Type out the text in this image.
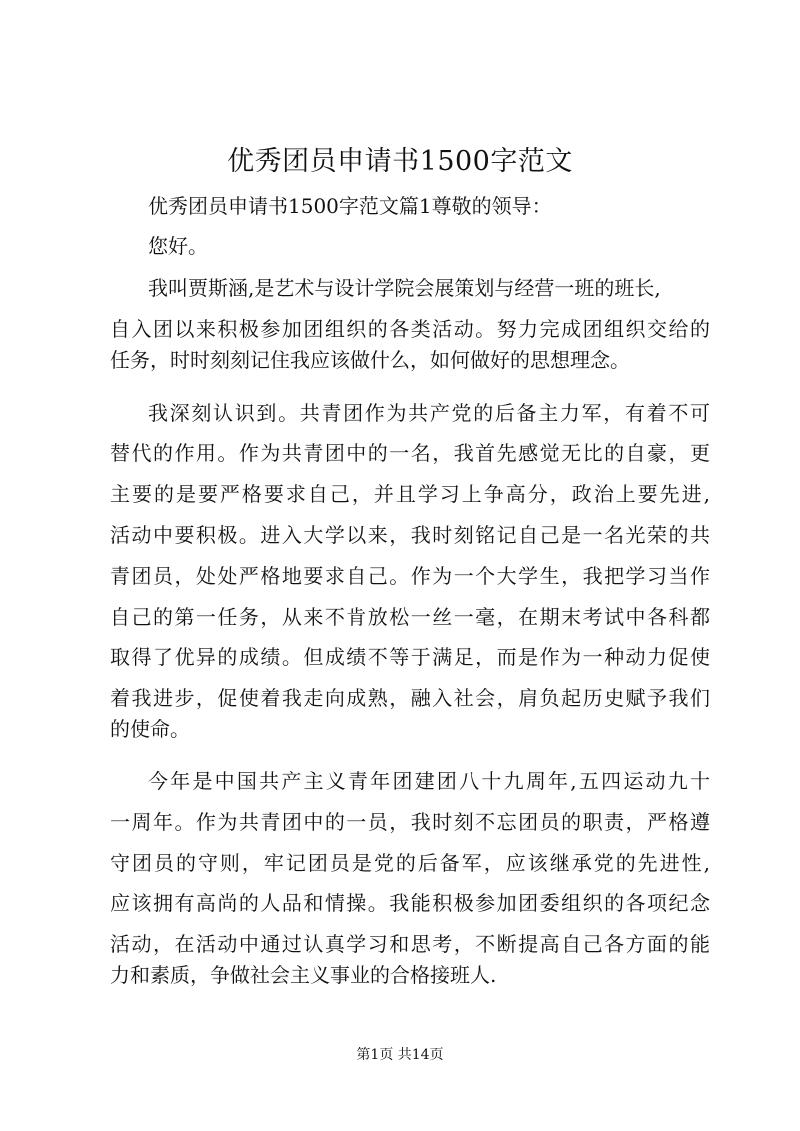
优秀团员申请书1500字范文
优秀团员申请书1500字范文篇1尊敬的领导：
您好。
我叫贾斯涵,是艺术与设计学院会展策划与经营一班的班长,
自入团以来积极参加团组织的各类活动。努力完成团组织交给的
任务，时时刻刻记住我应该做什么，如何做好的思想理念。
我深刻认识到。共青团作为共产党的后备主力军，有着不可
替代的作用。作为共青团中的一名，我首先感觉无比的自豪，更
主要的是要严格要求自己，并且学习上争高分，政治上要先进,
活动中要积极。进入大学以来，我时刻铭记自己是一名光荣的共
青团员，处处严格地要求自己。作为一个大学生，我把学习当作
自己的第一任务，从来不肯放松一丝一毫，在期末考试中各科都
取得了优异的成绩。但成绩不等于满足，而是作为一种动力促使
着我进步，促使着我走向成熟，融入社会，肩负起历史赋予我们
的使命。
今年是中国共产主义青年团建团八十九周年,五四运动九十
一周年。作为共青团中的一员，我时刻不忘团员的职责，严格遵
守团员的守则，牢记团员是党的后备军，应该继承党的先进性,
应该拥有高尚的人品和情操。我能积极参加团委组织的各项纪念
活动，在活动中通过认真学习和思考，不断提高自己各方面的能
力和素质，争做社会主义事业的合格接班人.
第1页 共14页
